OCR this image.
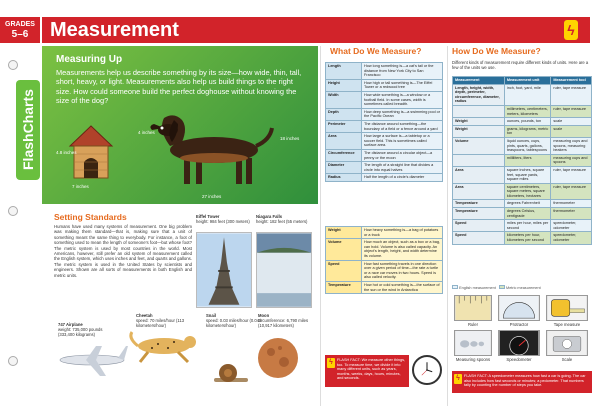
GRADES
5–6	Measurement	ϟ
FlashCharts
Measuring Up
Measurements help us describe something by its size—how wide, thin, tall, short, heavy, or light. Measurements also help us build things to the right size. How could someone build the perfect doghouse without knowing the size of the dog?
4.8 inches
7 inches
18 inches
27 inches
4 inches
Setting Standards
Humans have used many systems of measurement. One big problem was making them standard—that is, making sure that a unit of something meant the same thing to everybody. For instance, a foot of something used to mean the length of someone's foot—but whose foot? The metric system is used by most countries in the world. Most Americans, however, still prefer an old system of measurement called the English system, which uses inches and feet, and quarts and gallons. The metric system is used in the United States by scientists and engineers. Shown are all sorts of measurements in both English and metric units.
Eiffel Tower
height: 984 feet (300 meters)
Niagara Falls
height: 182 feet (55 meters)
747 Airplane
weight: 735,000 pounds (333,400 kilograms)
Cheetah
speed: 70 miles/hour (113 kilometers/hour)
Snail
speed: 0.03 miles/hour (0.048 kilometers/hour)
Moon
circumference: 6,790 miles (10,917 kilometers)
What Do We Measure?
Length	How long something is—a cat's tail or the distance from New York City to San Francisco
Height	How high or tall something is—The Eiffel Tower or a redwood tree
Width	How wide something is—a window or a football field. In some cases, width is sometimes called breadth.
Depth	How deep something is—a swimming pool or the Pacific Ocean
Perimeter	The distance around something—the boundary of a field or a fence around a yard
Area	How large a surface is—a tabletop or a soccer field. This is sometimes called surface area.
Circumference	The distance around a circular object—a penny or the moon
Diameter	The length of a straight line that divides a circle into equal halves
Radius	Half the length of a circle's diameter
Weight	How heavy something is—a bag of potatoes or a truck
Volume	How much an object, such as a box or a bag, can hold. Volume is also called capacity. An object's length, height, and width determine its volume.
Speed	How fast something travels in one direction over a given period of time—the rate a turtle or a race car moves in two hours. Speed is also called velocity.
Temperature	How hot or cold something is—the surface of the sun or the wind in Antarctica
ϟ	FLASH FACT: We measure other things, too. To measure time, we divide it into many different units, such as years, months, weeks, days, hours, minutes, and seconds.
How Do We Measure?
Different kinds of measurement require different kinds of units. Here are a few of the units we use.
Measurement	Measurement unit	Measurement tool
Length, height, width, depth, perimeter, circumference, diameter, radius	inch, foot, yard, mile	ruler, tape measure
	millimeters, centimeters, meters, kilometers	ruler, tape measure
Weight	ounces, pounds, ton	scale
Weight	grams, kilograms, metric ton	scale
Volume	liquid ounces, cups, pints, quarts, gallons, teaspoons, tablespoons	measuring cups and spoons, measuring beakers
	milliliters, liters	measuring cups and spoons
Area	square inches, square feet, square yards, square miles	ruler, tape measure
Area	square centimeters, square meters, square kilometers, hectares	ruler, tape measure
Temperature	degrees Fahrenheit	thermometer
Temperature	degrees Celsius, centigrade	thermometer
Speed	miles per hour, miles per second	speedometer, odometer
Speed	kilometers per hour, kilometers per second	speedometer, odometer
English measurement	Metric measurement
Ruler	Protractor	Tape measure
Measuring spoons	Speedometer	Scale
ϟ	FLASH FACT: A speedometer measures how fast a car is going. The car also includes how fast seconds or minutes; a pedometer. That numbers tally by counting the number of steps you take.
